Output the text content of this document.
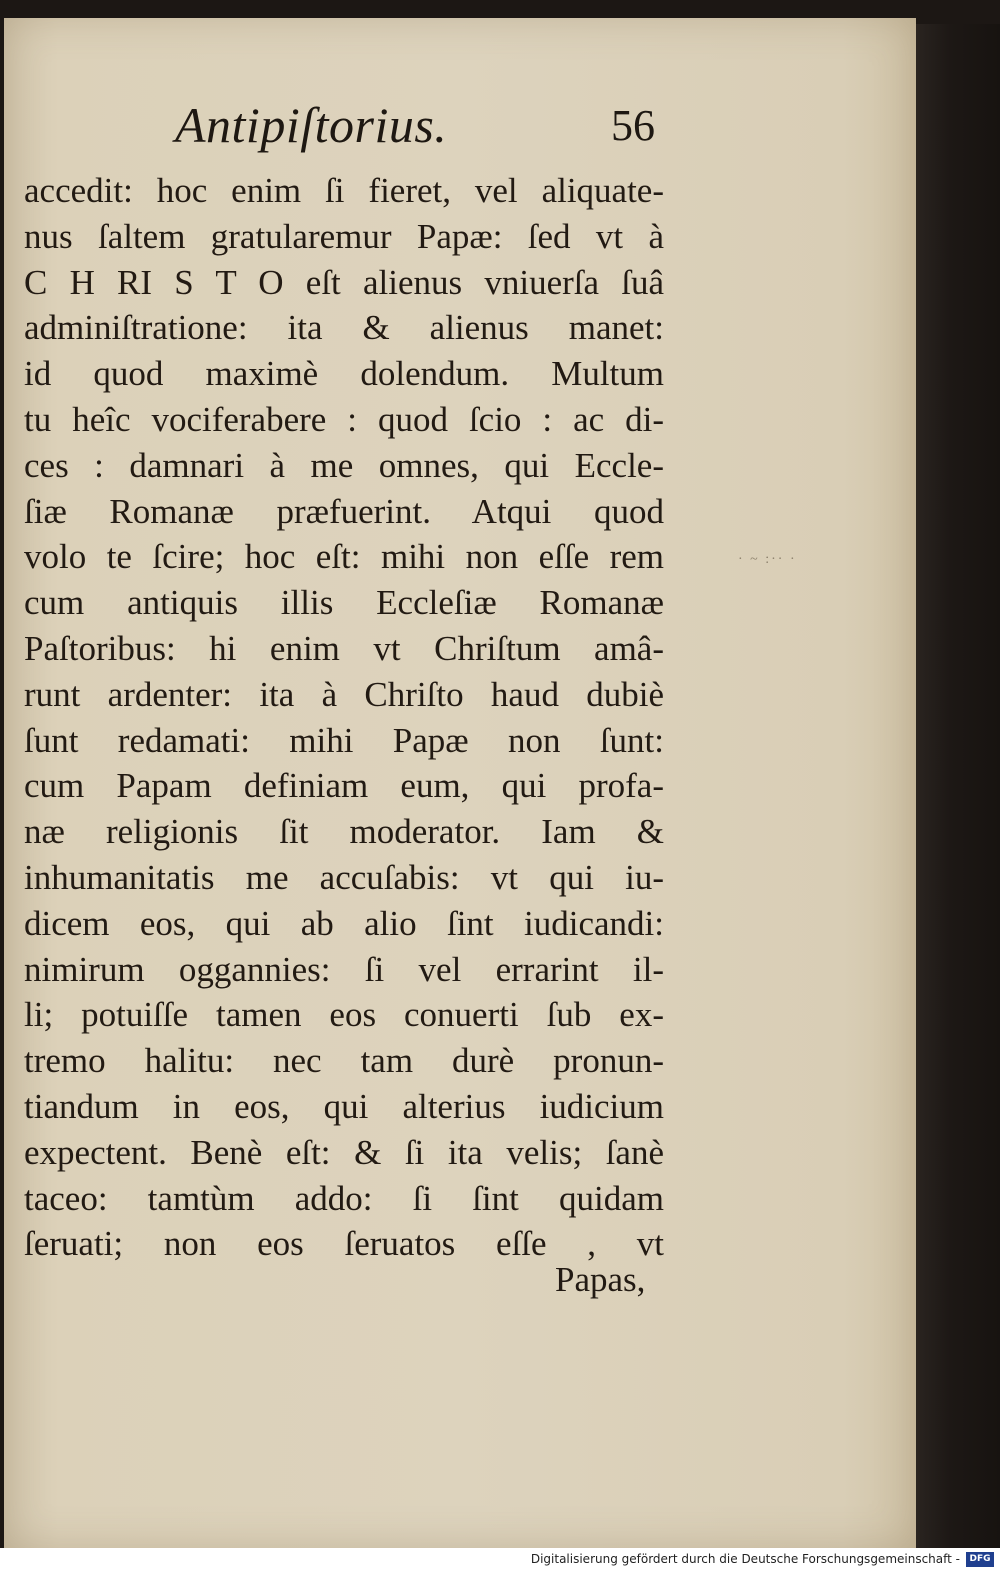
Antipiſtorius.	56
· ~ :·· ·
accedit: hoc enim ſi fieret, vel aliquate-
nus ſaltem gratularemur Papæ: ſed vt à
C H RI S T O eſt alienus vniuerſa ſuâ
adminiſtratione: ita & alienus manet:
id quod maximè dolendum. Multum
tu heîc vociferabere : quod ſcio : ac di-
ces : damnari à me omnes, qui Eccle-
ſiæ Romanæ præfuerint. Atqui quod
volo te ſcire; hoc eſt: mihi non eſſe rem
cum antiquis illis Eccleſiæ Romanæ
Paſtoribus: hi enim vt Chriſtum amâ-
runt ardenter: ita à Chriſto haud dubiè
ſunt redamati: mihi Papæ non ſunt:
cum Papam definiam eum, qui profa-
næ religionis ſit moderator. Iam &
inhumanitatis me accuſabis: vt qui iu-
dicem eos, qui ab alio ſint iudicandi:
nimirum oggannies: ſi vel errarint il-
li; potuiſſe tamen eos conuerti ſub ex-
tremo halitu: nec tam durè pronun-
tiandum in eos, qui alterius iudicium
expectent. Benè eſt: & ſi ita velis; ſanè
taceo: tamtùm addo: ſi ſint quidam
ſeruati; non eos ſeruatos eſſe , vt
Papas,
Digitalisierung gefördert durch die Deutsche Forschungsgemeinschaft -	DFG
